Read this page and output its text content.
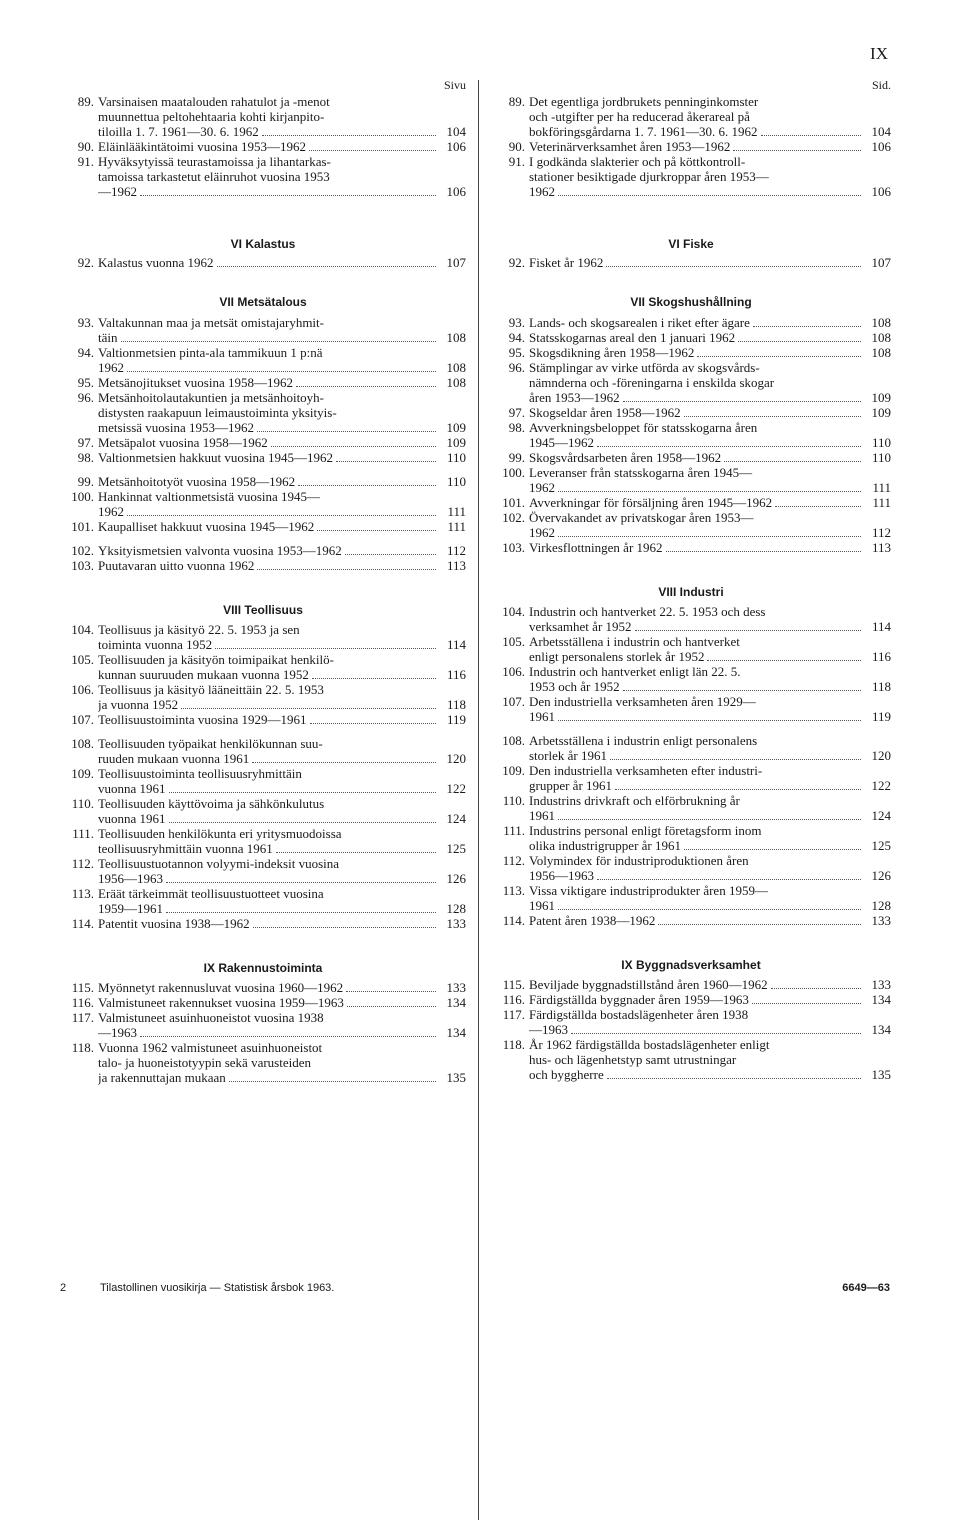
IX
Sivu
89. Varsinaisen maatalouden rahatulot ja -menot
muunnettua peltohehtaaria kohti kirjanpito-
tiloilla 1. 7. 1961—30. 6. 1962	104
90. Eläinlääkintätoimi vuosina 1953—1962	106
91. Hyväksytyissä teurastamoissa ja lihantarkas-
tamoissa tarkastetut eläinruhot vuosina 1953
—1962	106
VI Kalastus
92. Kalastus vuonna 1962	107
VII Metsätalous
93. Valtakunnan maa ja metsät omistajaryhmit-
täin	108
94. Valtionmetsien pinta-ala tammikuun 1 p:nä
1962	108
95. Metsänojitukset vuosina 1958—1962	108
96. Metsänhoitolautakuntien ja metsänhoitoyh-
distysten raakapuun leimaustoiminta yksityis-
metsissä vuosina 1953—1962	109
97. Metsäpalot vuosina 1958—1962	109
98. Valtionmetsien hakkuut vuosina 1945—1962	110
99. Metsänhoitotyöt vuosina 1958—1962	110
100. Hankinnat valtionmetsistä vuosina 1945—
1962	111
101. Kaupalliset hakkuut vuosina 1945—1962	111
102. Yksityismetsien valvonta vuosina 1953—1962	112
103. Puutavaran uitto vuonna 1962	113
VIII Teollisuus
104. Teollisuus ja käsityö 22. 5. 1953 ja sen
toiminta vuonna 1952	114
105. Teollisuuden ja käsityön toimipaikat henkilö-
kunnan suuruuden mukaan vuonna 1952	116
106. Teollisuus ja käsityö lääneittäin 22. 5. 1953
ja vuonna 1952	118
107. Teollisuustoiminta vuosina 1929—1961	119
108. Teollisuuden työpaikat henkilökunnan suu-
ruuden mukaan vuonna 1961	120
109. Teollisuustoiminta teollisuusryhmittäin
vuonna 1961	122
110. Teollisuuden käyttövoima ja sähkönkulutus
vuonna 1961	124
111. Teollisuuden henkilökunta eri yritysmuodoissa
teollisuusryhmittäin vuonna 1961	125
112. Teollisuustuotannon volyymi-indeksit vuosina
1956—1963	126
113. Eräät tärkeimmät teollisuustuotteet vuosina
1959—1961	128
114. Patentit vuosina 1938—1962	133
IX Rakennustoiminta
115. Myönnetyt rakennusluvat vuosina 1960—1962	133
116. Valmistuneet rakennukset vuosina 1959—1963	134
117. Valmistuneet asuinhuoneistot vuosina 1938
—1963	134
118. Vuonna 1962 valmistuneet asuinhuoneistot
talo- ja huoneistotyypin sekä varusteiden
ja rakennuttajan mukaan	135
Sid.
89. Det egentliga jordbrukets penninginkomster
och -utgifter per ha reducerad åkerareal på
bokföringsgårdarna 1. 7. 1961—30. 6. 1962	104
90. Veterinärverksamhet åren 1953—1962	106
91. I godkända slakterier och på köttkontroll-
stationer besiktigade djurkroppar åren 1953—
1962	106
VI Fiske
92. Fisket år 1962	107
VII Skogshushållning
93. Lands- och skogsarealen i riket efter ägare	108
94. Statsskogarnas areal den 1 januari 1962	108
95. Skogsdikning åren 1958—1962	108
96. Stämplingar av virke utförda av skogsvårds-
nämnderna och -föreningarna i enskilda skogar
åren 1953—1962	109
97. Skogseldar åren 1958—1962	109
98. Avverkningsbeloppet för statsskogarna åren
1945—1962	110
99. Skogsvårdsarbeten åren 1958—1962	110
100. Leveranser från statsskogarna åren 1945—
1962	111
101. Avverkningar för försäljning åren 1945—1962	111
102. Övervakandet av privatskogar åren 1953—
1962	112
103. Virkesflottningen år 1962	113
VIII Industri
104. Industrin och hantverket 22. 5. 1953 och dess
verksamhet år 1952	114
105. Arbetsställena i industrin och hantverket
enligt personalens storlek år 1952	116
106. Industrin och hantverket enligt län 22. 5.
1953 och år 1952	118
107. Den industriella verksamheten åren 1929—
1961	119
108. Arbetsställena i industrin enligt personalens
storlek år 1961	120
109. Den industriella verksamheten efter industri-
grupper år 1961	122
110. Industrins drivkraft och elförbrukning år
1961	124
111. Industrins personal enligt företagsform inom
olika industrigrupper år 1961	125
112. Volymindex för industriproduktionen åren
1956—1963	126
113. Vissa viktigare industriprodukter åren 1959—
1961	128
114. Patent åren 1938—1962	133
IX Byggnadsverksamhet
115. Beviljade byggnadstillstånd åren 1960—1962	133
116. Färdigställda byggnader åren 1959—1963	134
117. Färdigställda bostadslägenheter åren 1938
—1963	134
118. År 1962 färdigställda bostadslägenheter enligt
hus- och lägenhetstyp samt utrustningar
och byggherre	135
2	Tilastollinen vuosikirja — Statistisk årsbok 1963.	6649—63
